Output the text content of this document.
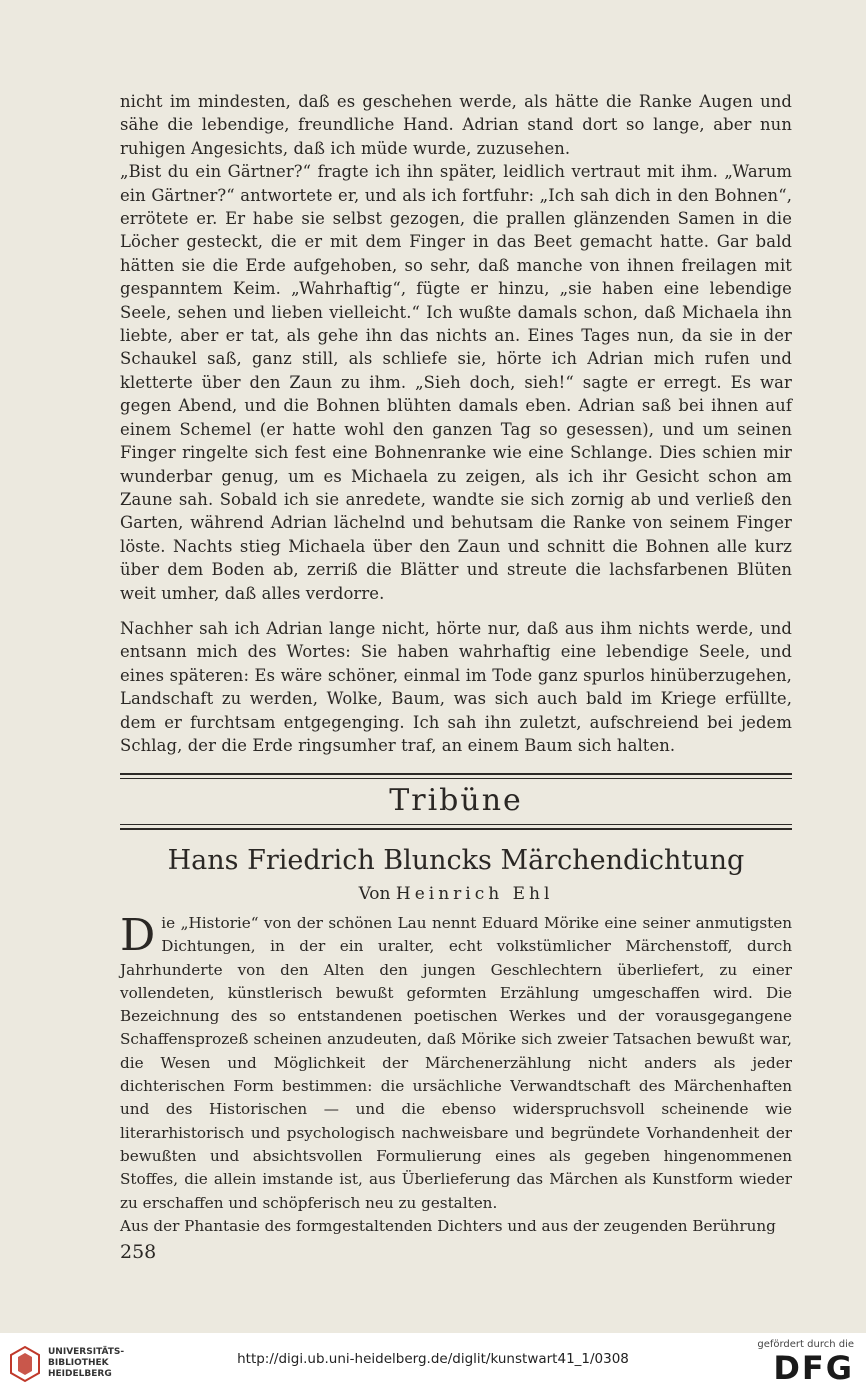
nicht im mindesten, daß es geschehen werde, als hätte die Ranke Augen und sähe die lebendige, freundliche Hand. Adrian stand dort so lange, aber nun ruhigen Angesichts, daß ich müde wurde, zuzusehen.

„Bist du ein Gärtner?“ fragte ich ihn später, leidlich vertraut mit ihm. „Warum ein Gärtner?“ antwortete er, und als ich fortfuhr: „Ich sah dich in den Bohnen“, errötete er. Er habe sie selbst gezogen, die prallen glänzenden Samen in die Löcher gesteckt, die er mit dem Finger in das Beet gemacht hatte. Gar bald hätten sie die Erde aufgehoben, so sehr, daß manche von ihnen freilagen mit gespanntem Keim. „Wahrhaftig“, fügte er hinzu, „sie haben eine lebendige Seele, sehen und lieben vielleicht.“ Ich wußte damals schon, daß Michaela ihn liebte, aber er tat, als gehe ihn das nichts an. Eines Tages nun, da sie in der Schaukel saß, ganz still, als schliefe sie, hörte ich Adrian mich rufen und kletterte über den Zaun zu ihm. „Sieh doch, sieh!“ sagte er erregt. Es war gegen Abend, und die Bohnen blühten damals eben. Adrian saß bei ihnen auf einem Schemel (er hatte wohl den ganzen Tag so gesessen), und um seinen Finger ringelte sich fest eine Bohnenranke wie eine Schlange. Dies schien mir wunderbar genug, um es Michaela zu zeigen, als ich ihr Gesicht schon am Zaune sah. Sobald ich sie anredete, wandte sie sich zornig ab und verließ den Garten, während Adrian lächelnd und behutsam die Ranke von seinem Finger löste. Nachts stieg Michaela über den Zaun und schnitt die Bohnen alle kurz über dem Boden ab, zerriß die Blätter und streute die lachsfarbenen Blüten weit umher, daß alles verdorre.

Nachher sah ich Adrian lange nicht, hörte nur, daß aus ihm nichts werde, und entsann mich des Wortes: Sie haben wahrhaftig eine lebendige Seele, und eines späteren: Es wäre schöner, einmal im Tode ganz spurlos hinüberzugehen, Landschaft zu werden, Wolke, Baum, was sich auch bald im Kriege erfüllte, dem er furchtsam entgegenging. Ich sah ihn zuletzt, aufschreiend bei jedem Schlag, der die Erde ringsumher traf, an einem Baum sich halten.

Tribüne
Hans Friedrich Bluncks Märchendichtung
Von Heinrich Ehl

Die „Historie“ von der schönen Lau nennt Eduard Mörike eine seiner anmutigsten Dichtungen, in der ein uralter, echt volkstümlicher Märchenstoff, durch Jahrhunderte von den Alten den jungen Geschlechtern überliefert, zu einer vollendeten, künstlerisch bewußt geformten Erzählung umgeschaffen wird. Die Bezeichnung des so entstandenen poetischen Werkes und der vorausgegangene Schaffensprozeß scheinen anzudeuten, daß Mörike sich zweier Tatsachen bewußt war, die Wesen und Möglichkeit der Märchenerzählung nicht anders als jeder dichterischen Form bestimmen: die ursächliche Verwandtschaft des Märchenhaften und des Historischen — und die ebenso widerspruchsvoll scheinende wie literarhistorisch und psychologisch nachweisbare und begründete Vorhandenheit der bewußten und absichtsvollen Formulierung eines als gegeben hingenommenen Stoffes, die allein imstande ist, aus Überlieferung das Märchen als Kunstform wieder zu erschaffen und schöpferisch neu zu gestalten.

Aus der Phantasie des formgestaltenden Dichters und aus der zeugenden Berührung

258
UNIVERSITÄTS-
BIBLIOTHEK
HEIDELBERG
http://digi.ub.uni-heidelberg.de/diglit/kunstwart41_1/0308
gefördert durch die
DFG
